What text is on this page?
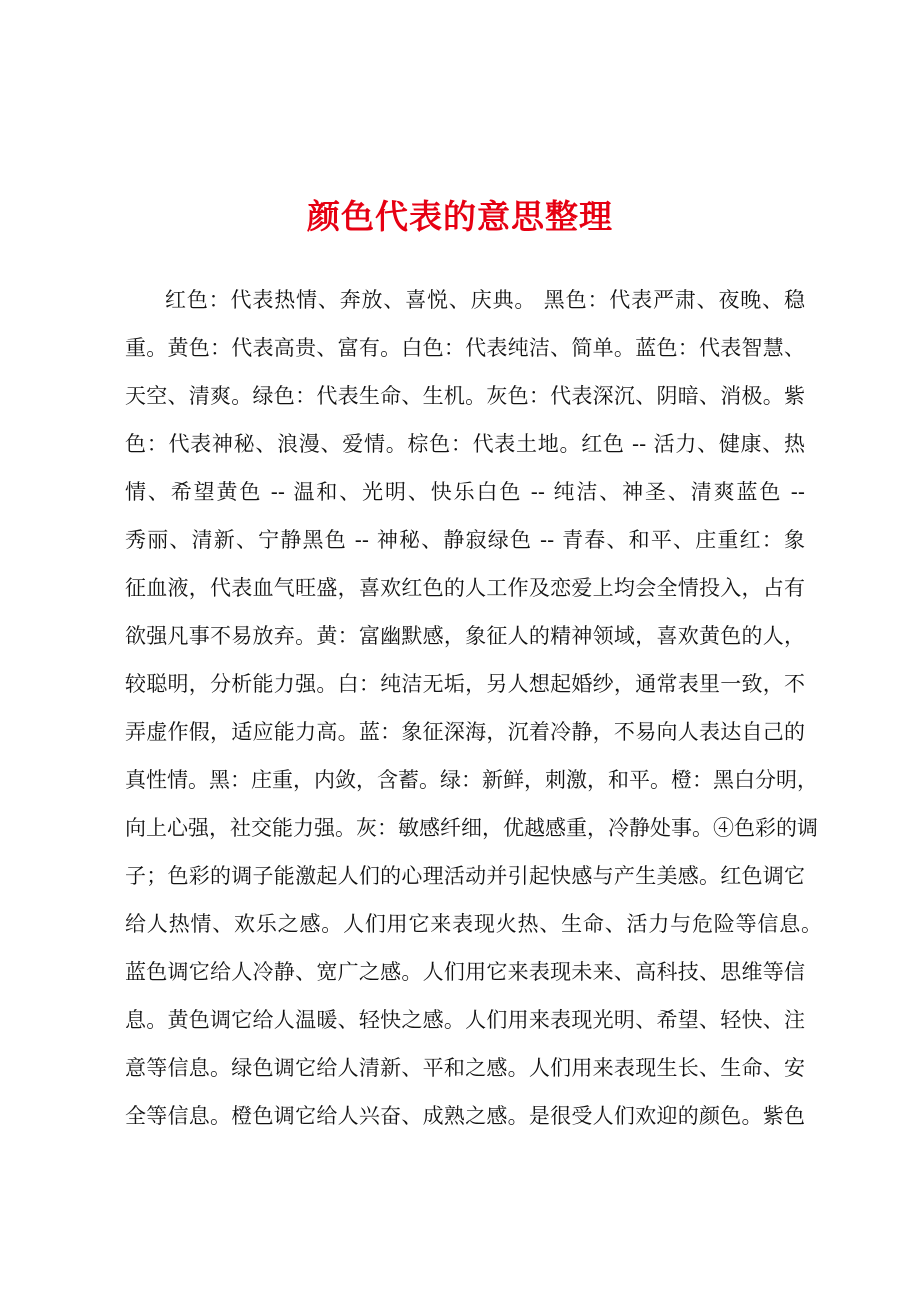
颜色代表的意思整理
红色：代表热情、奔放、喜悦、庆典。 黑色：代表严肃、夜晚、稳
重。黄色：代表高贵、富有。白色：代表纯洁、简单。蓝色：代表智慧、
天空、清爽。绿色：代表生命、生机。灰色：代表深沉、阴暗、消极。紫
色：代表神秘、浪漫、爱情。棕色：代表土地。红色 -- 活力、健康、热
情、希望黄色 -- 温和、光明、快乐白色 -- 纯洁、神圣、清爽蓝色 --
秀丽、清新、宁静黑色 -- 神秘、静寂绿色 -- 青春、和平、庄重红：象
征血液，代表血气旺盛，喜欢红色的人工作及恋爱上均会全情投入，占有
欲强凡事不易放弃。黄：富幽默感，象征人的精神领域，喜欢黄色的人，
较聪明，分析能力强。白：纯洁无垢，另人想起婚纱，通常表里一致，不
弄虚作假，适应能力高。蓝：象征深海，沉着冷静，不易向人表达自己的
真性情。黑：庄重，内敛，含蓄。绿：新鲜，刺激，和平。橙：黑白分明，
向上心强，社交能力强。灰：敏感纤细，优越感重，冷静处事。④色彩的调
子；色彩的调子能激起人们的心理活动并引起快感与产生美感。红色调它
给人热情、欢乐之感。人们用它来表现火热、生命、活力与危险等信息。
蓝色调它给人冷静、宽广之感。人们用它来表现未来、高科技、思维等信
息。黄色调它给人温暖、轻快之感。人们用来表现光明、希望、轻快、注
意等信息。绿色调它给人清新、平和之感。人们用来表现生长、生命、安
全等信息。橙色调它给人兴奋、成熟之感。是很受人们欢迎的颜色。紫色
